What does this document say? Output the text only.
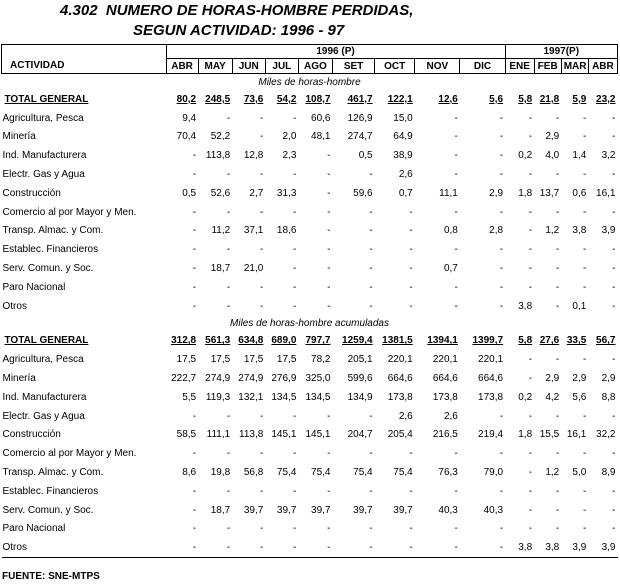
4.302  NUMERO DE HORAS-HOMBRE PERDIDAS,
SEGUN ACTIVIDAD: 1996 - 97
	1996 (P)									1997(P)			
ACTIVIDAD	ABR	MAY	JUN	JUL	AGO	SET	OCT	NOV	DIC	ENE	FEB	MAR	ABR
Miles de horas-hombre													
TOTAL GENERAL	80,2	248,5	73,6	54,2	108,7	461,7	122,1	12,6	5,6	5,8	21,8	5,9	23,2
Agricultura, Pesca	9,4	-	-	-	60,6	126,9	15,0	-	-	-	-	-	-
Minería	70,4	52,2	-	2,0	48,1	274,7	64,9	-	-	-	2,9	-	-
Ind. Manufacturera	-	113,8	12,8	2,3	-	0,5	38,9	-	-	0,2	4,0	1,4	3,2
Electr. Gas y Agua	-	-	-	-	-	-	2,6	-	-	-	-	-	-
Construcción	0,5	52,6	2,7	31,3	-	59,6	0,7	11,1	2,9	1,8	13,7	0,6	16,1
Comercio al por Mayor y Men.	-	-	-	-	-	-	-	-	-	-	-	-	-
Transp. Almac. y Com.	-	11,2	37,1	18,6	-	-	-	0,8	2,8	-	1,2	3,8	3,9
Establec. Financieros	-	-	-	-	-	-	-	-	-	-	-	-	-
Serv. Comun. y Soc.	-	18,7	21,0	-	-	-	-	0,7	-	-	-	-	-
Paro Nacional	-	-	-	-	-	-	-	-	-	-	-	-	-
Otros	-	-	-	-	-	-	-	-	-	3,8	-	0,1	-
Miles de horas-hombre acumuladas													
TOTAL GENERAL	312,8	561,3	634,8	689,0	797,7	1259,4	1381,5	1394,1	1399,7	5,8	27,6	33,5	56,7
Agricultura, Pesca	17,5	17,5	17,5	17,5	78,2	205,1	220,1	220,1	220,1	-	-	-	-
Minería	222,7	274,9	274,9	276,9	325,0	599,6	664,6	664,6	664,6	-	2,9	2,9	2,9
Ind. Manufacturera	5,5	119,3	132,1	134,5	134,5	134,9	173,8	173,8	173,8	0,2	4,2	5,6	8,8
Electr. Gas y Agua	-	-	-	-	-	-	2,6	2,6	-	-	-	-	-
Construcción	58,5	111,1	113,8	145,1	145,1	204,7	205,4	216,5	219,4	1,8	15,5	16,1	32,2
Comercio al por Mayor y Men.	-	-	-	-	-	-	-	-	-	-	-	-	-
Transp. Almac. y Com.	8,6	19,8	56,8	75,4	75,4	75,4	75,4	76,3	79,0	-	1,2	5,0	8,9
Establec. Financieros	-	-	-	-	-	-	-	-	-	-	-	-	-
Serv. Comun. y Soc.	-	18,7	39,7	39,7	39,7	39,7	39,7	40,3	40,3	-	-	-	-
Paro Nacional	-	-	-	-	-	-	-	-	-	-	-	-	-
Otros	-	-	-	-	-	-	-	-	-	3,8	3,8	3,9	3,9
FUENTE: SNE-MTPS
